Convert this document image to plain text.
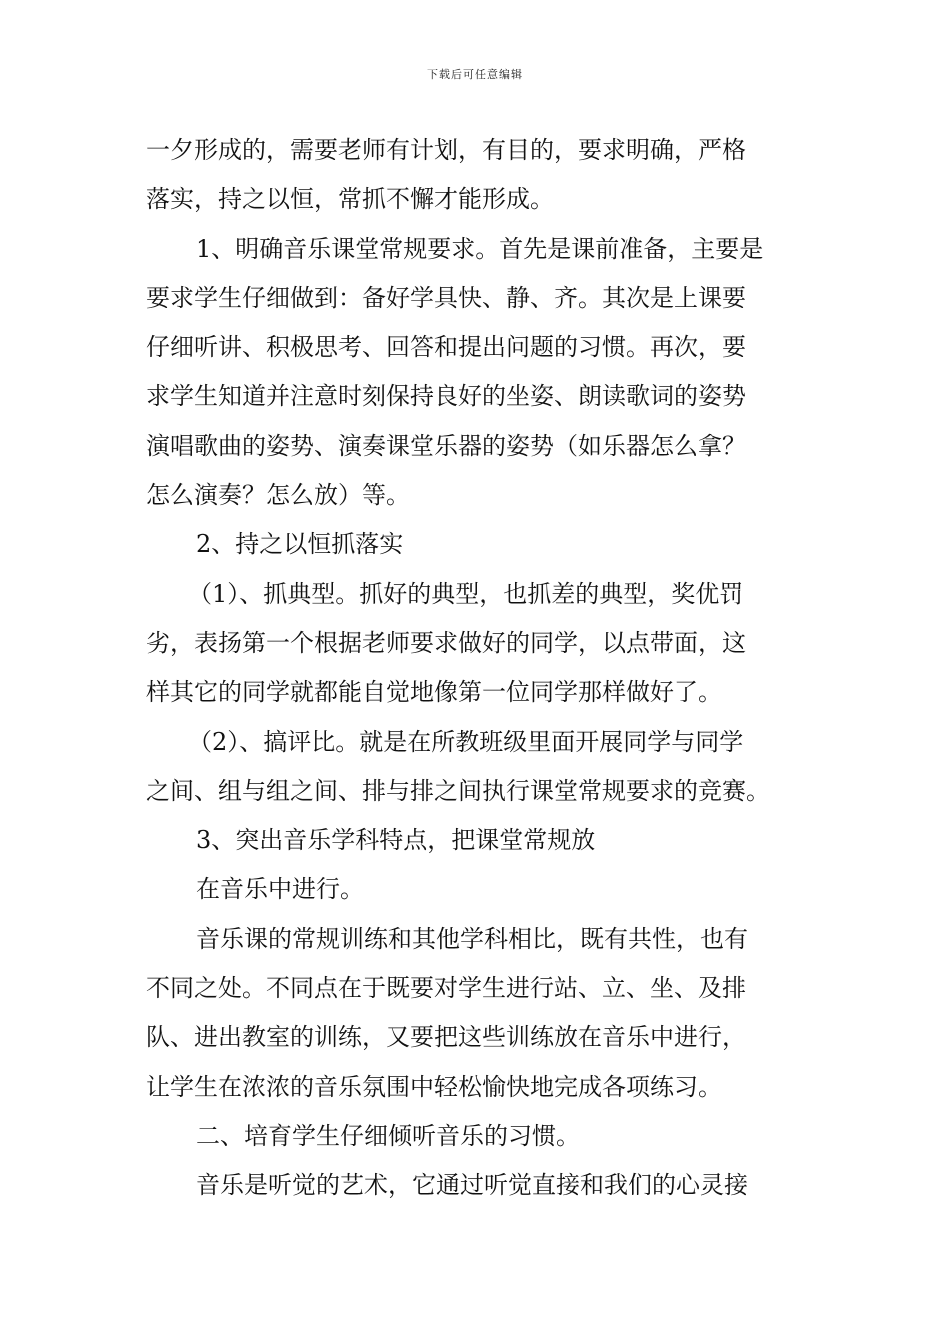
下载后可任意编辑
一夕形成的，需要老师有计划，有目的，要求明确，严格
落实，持之以恒，常抓不懈才能形成。
1、明确音乐课堂常规要求。首先是课前准备，主要是
要求学生仔细做到：备好学具快、静、齐。其次是上课要
仔细听讲、积极思考、回答和提出问题的习惯。再次，要
求学生知道并注意时刻保持良好的坐姿、朗读歌词的姿势
演唱歌曲的姿势、演奏课堂乐器的姿势（如乐器怎么拿？
怎么演奏？怎么放）等。
2、持之以恒抓落实
（1）、抓典型。抓好的典型，也抓差的典型，奖优罚
劣，表扬第一个根据老师要求做好的同学，以点带面，这
样其它的同学就都能自觉地像第一位同学那样做好了。
（2）、搞评比。就是在所教班级里面开展同学与同学
之间、组与组之间、排与排之间执行课堂常规要求的竞赛。
3、突出音乐学科特点，把课堂常规放
在音乐中进行。
音乐课的常规训练和其他学科相比，既有共性，也有
不同之处。不同点在于既要对学生进行站、立、坐、及排
队、进出教室的训练，又要把这些训练放在音乐中进行，
让学生在浓浓的音乐氛围中轻松愉快地完成各项练习。
二、培育学生仔细倾听音乐的习惯。
音乐是听觉的艺术，它通过听觉直接和我们的心灵接
